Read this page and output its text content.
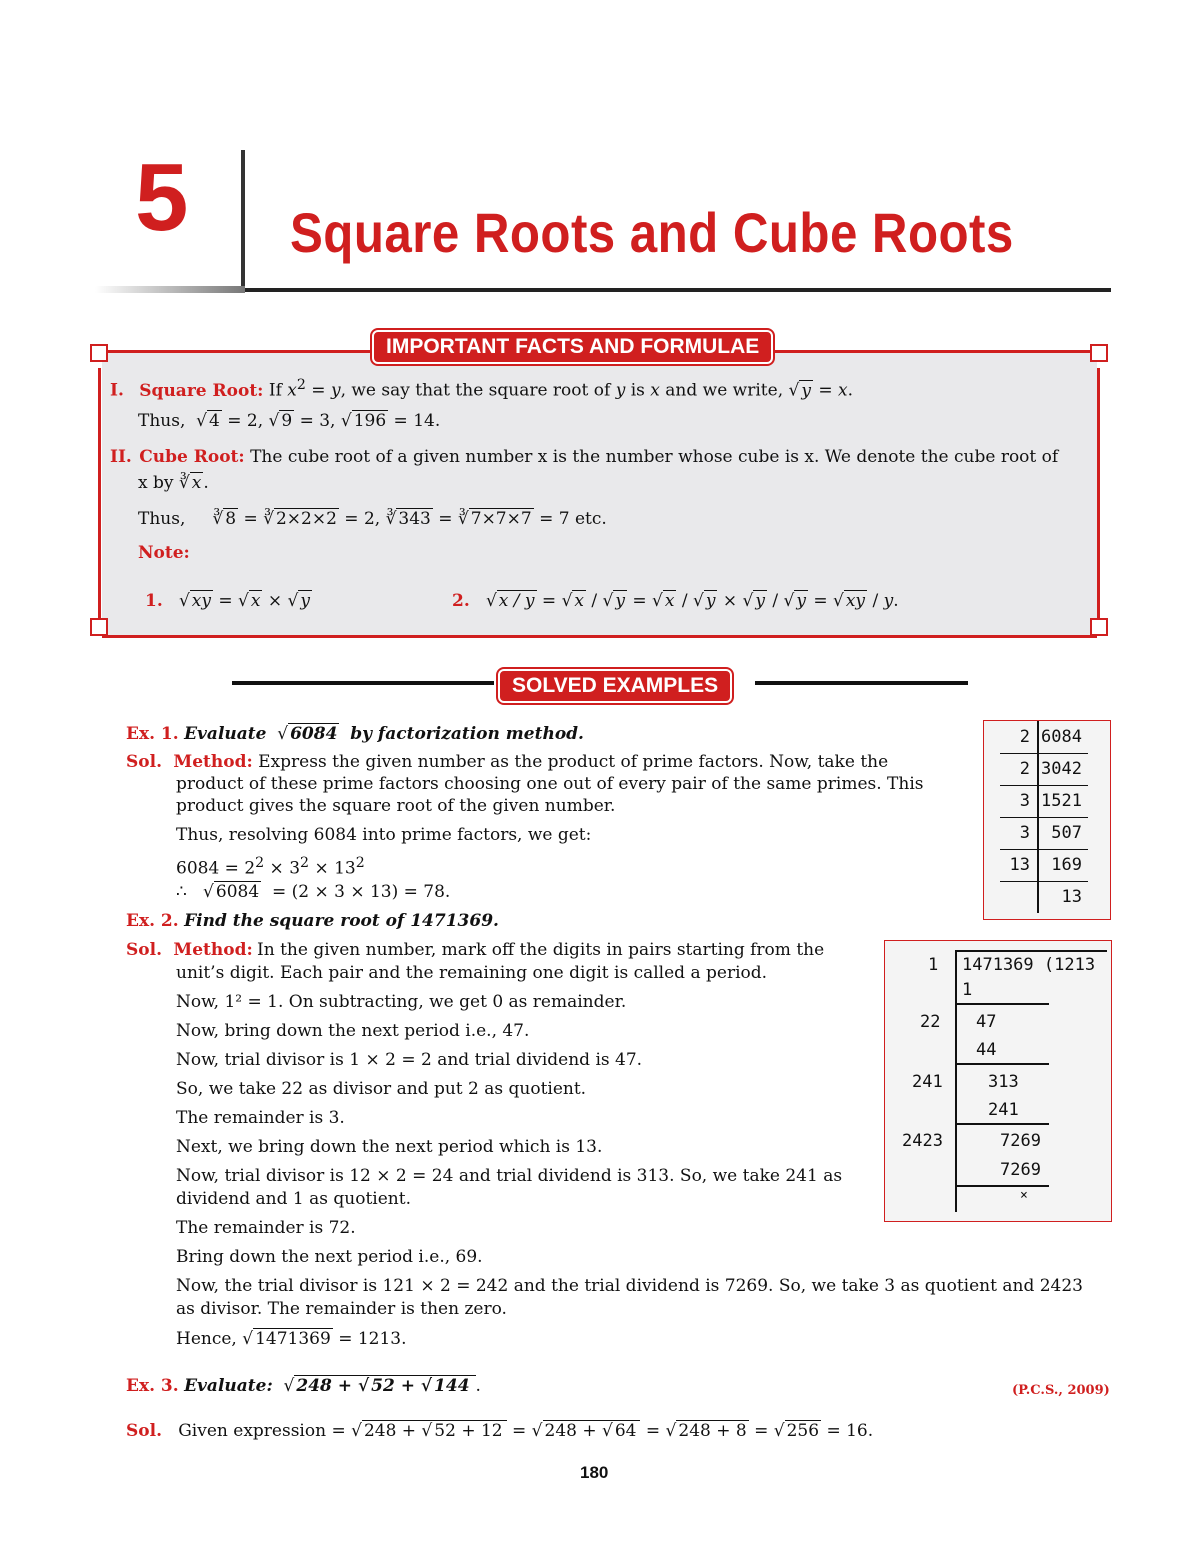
5 Square Roots and Cube Roots
IMPORTANT FACTS AND FORMULAE
I. Square Root: If $x^2 = y$, we say that the square root of y is x and we write, √ y = x.
Thus,  √ 4 = 2, √ 9 = 3, √ 196 = 14.
II. Cube Root: The cube root of a given number x is the number whose cube is x. We denote the cube root of
x by ∛ x .
Thus,     ∛ 8 = ∛ 2×2×2 = 2, ∛ 343 = ∛ 7×7×7 = 7 etc.
Note:
1.   √ xy = √ x × √ y	2.   √ x / y = √ x / √ y = √ x / √ y × √ y / √ y = √ xy / y.
SOLVED EXAMPLES
Ex. 1. Evaluate  √ 6084 by factorization method.
Sol. Method: Express the given number as the product of prime factors. Now, take the
product of these prime factors choosing one out of every pair of the same primes. This
product gives the square root of the given number.
Thus, resolving 6084 into prime factors, we get:
$6084 = 2^2 \times 3^2 \times 13^2$
∴   √ 6084 = (2 × 3 × 13) = 78.
2 6084
2 3042
3 1521
3 507
13 169
13
Ex. 2. Find the square root of 1471369.
Sol. Method: In the given number, mark off the digits in pairs starting from the
unit’s digit. Each pair and the remaining one digit is called a period.
Now, 1² = 1. On subtracting, we get 0 as remainder.
Now, bring down the next period i.e., 47.
Now, trial divisor is 1 × 2 = 2 and trial dividend is 47.
So, we take 22 as divisor and put 2 as quotient.
The remainder is 3.
Next, we bring down the next period which is 13.
Now, trial divisor is 12 × 2 = 24 and trial dividend is 313. So, we take 241 as
dividend and 1 as quotient.
The remainder is 72.
Bring down the next period i.e., 69.
Now, the trial divisor is 121 × 2 = 242 and the trial dividend is 7269. So, we take 3 as quotient and 2423
as divisor. The remainder is then zero.
Hence, √ 1471369 = 1213.
1471369 (1213
1
22
241
2423
1
47
44
313
241
7269
7269
×
Ex. 3. Evaluate:  √ 248 + √ 52 + √ 144 .	(P.C.S., 2009)
Sol. Given expression = √ 248 + √ 52 + 12 = √ 248 + √ 64 = √ 248 + 8 = √ 256 = 16.
180
